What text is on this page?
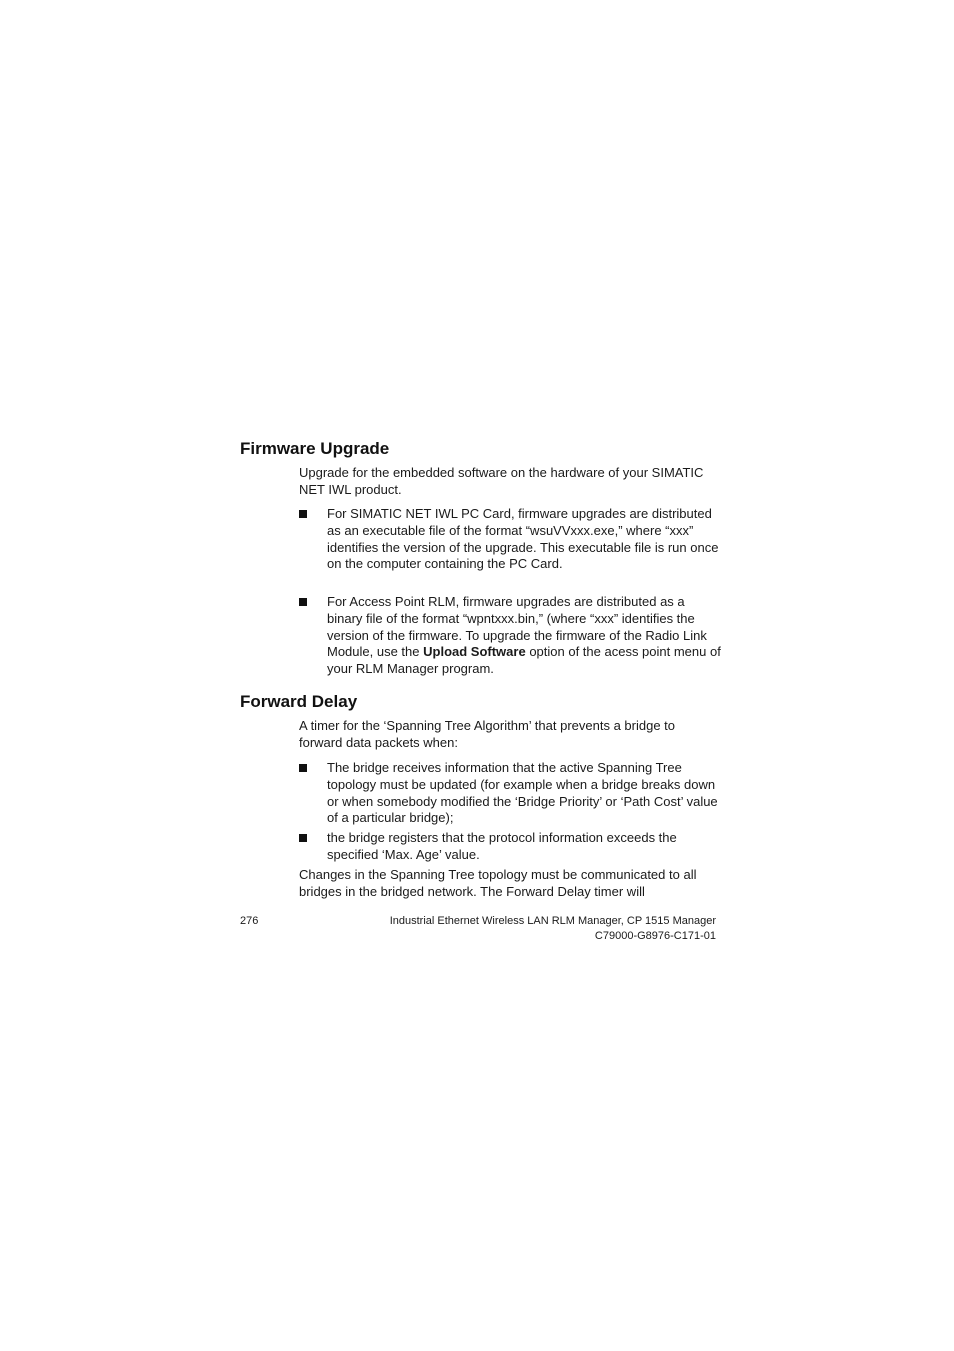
Firmware Upgrade

Upgrade for the embedded software on the hardware of your SIMATIC NET IWL product.

For SIMATIC NET IWL PC Card, firmware upgrades are distributed as an executable file of the format “wsuVVxxx.exe,” where “xxx” identifies the version of the upgrade. This executable file is run once on the computer containing the PC Card.

For Access Point RLM, firmware upgrades are distributed as a binary file of the format “wpntxxx.bin,” (where “xxx” identifies the version of the firmware. To upgrade the firmware of the Radio Link Module, use the Upload Software option of the acess point menu of your RLM Manager program.

Forward Delay

A timer for the ‘Spanning Tree Algorithm’ that prevents a bridge to forward data packets when:

The bridge receives information that the active Spanning Tree topology must be updated (for example when a bridge breaks down or when somebody modified the ‘Bridge Priority’ or ‘Path Cost’ value of a particular bridge);

the bridge registers that the protocol information exceeds the specified ‘Max. Age’ value.

Changes in the Spanning Tree topology must be communicated to all bridges in the bridged network. The Forward Delay timer will

276	Industrial Ethernet Wireless LAN RLM Manager, CP 1515 Manager
C79000-G8976-C171-01
